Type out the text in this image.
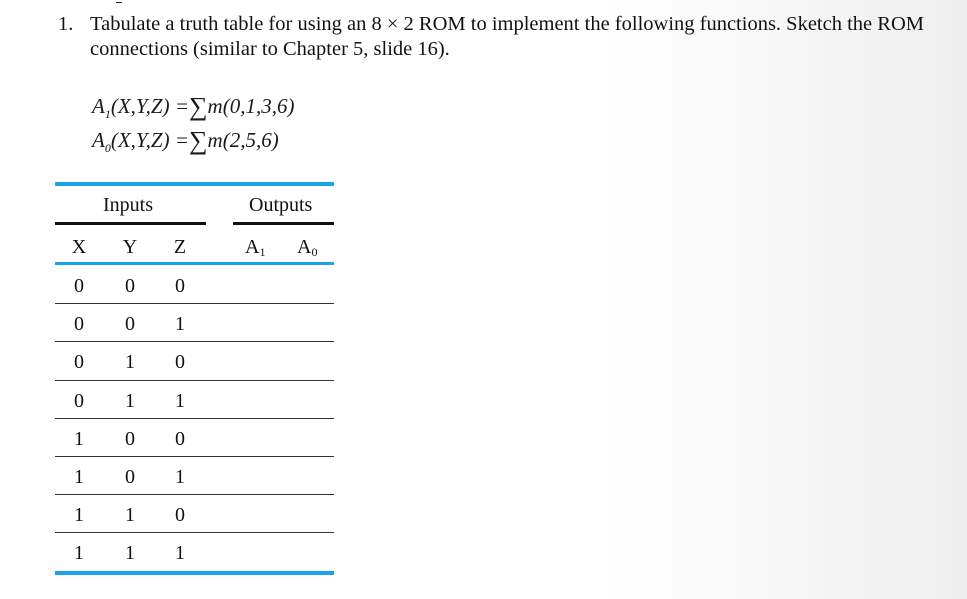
1. Tabulate a truth table for using an 8 × 2 ROM to implement the following functions. Sketch the ROM connections (similar to Chapter 5, slide 16).
$A_1(X,Y,Z) =\sum m(0,1,3,6)$
$A_0(X,Y,Z) =\sum m(2,5,6)$
Inputs	Outputs
X Y Z	A1 A0
0 0 0
0 0 1
0 1 0
0 1 1
1 0 0
1 0 1
1 1 0
1 1 1
